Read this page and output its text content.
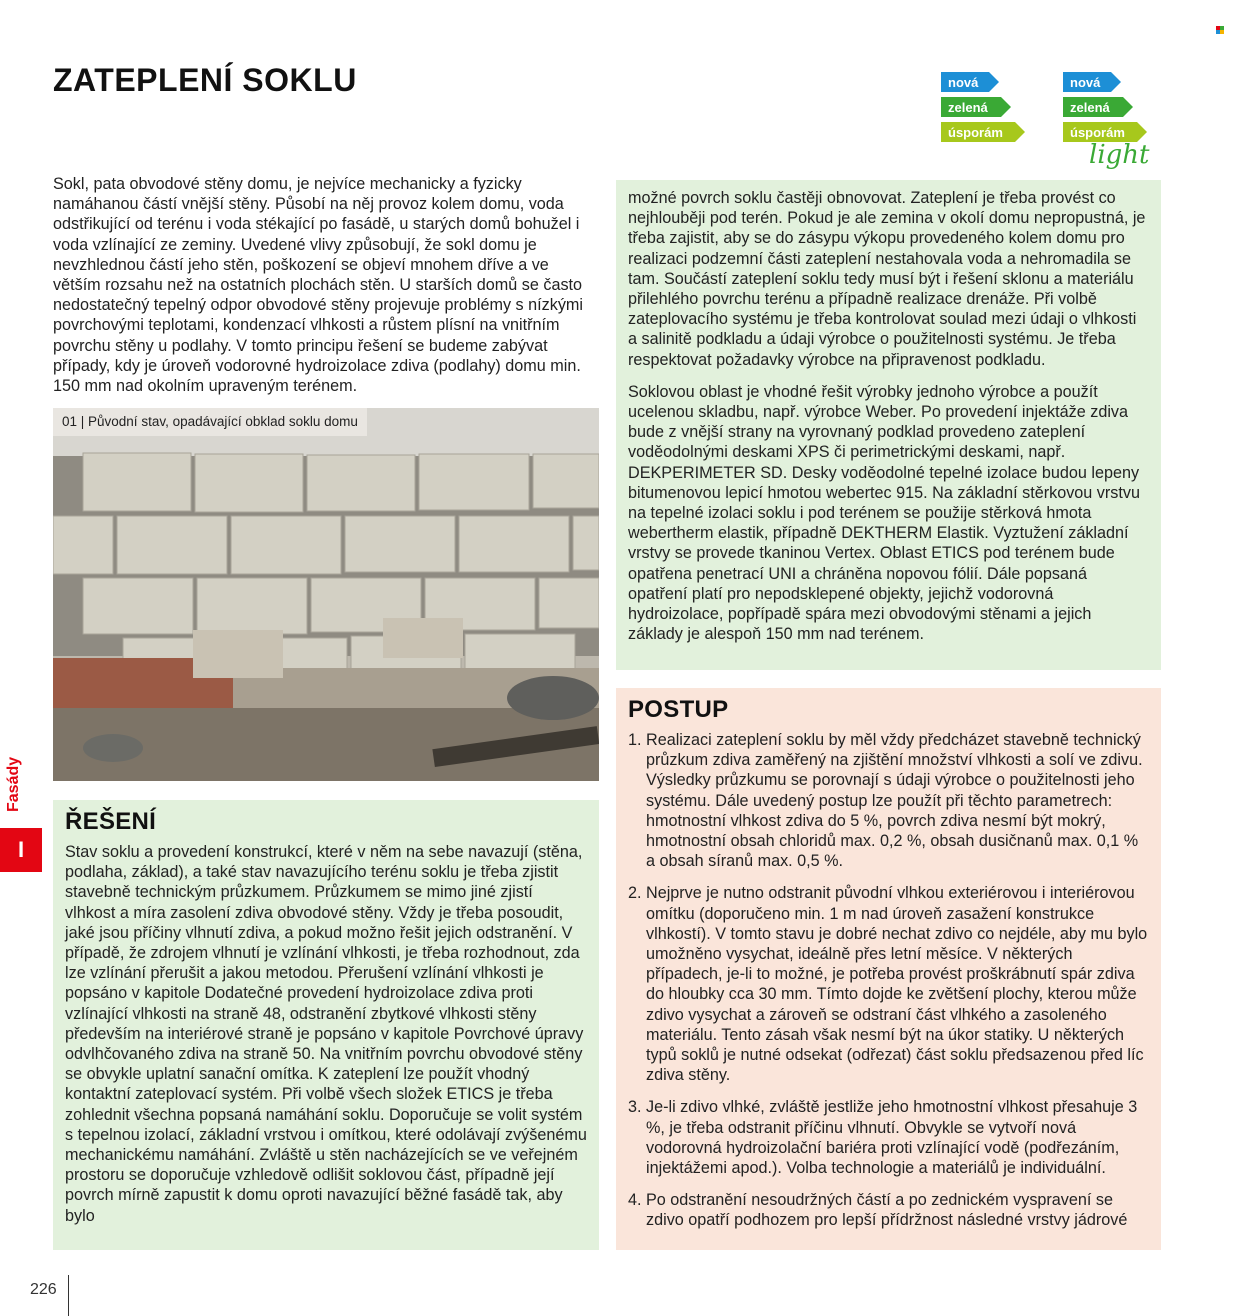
ZATEPLENÍ SOKLU	nová
zelená
úsporám
nová
zelená
úsporám
light

Sokl, pata obvodové stěny domu, je nejvíce mechanicky a fyzicky namáhanou částí vnější stěny. Působí na něj provoz kolem domu, voda odstřikující od terénu i voda stékající po fasádě, u starých domů bohužel i voda vzlínající ze zeminy. Uvedené vlivy způsobují, že sokl domu je nevzhlednou částí jeho stěn, poškození se objeví mnohem dříve a ve větším rozsahu než na ostatních plochách stěn. U starších domů se často nedostatečný tepelný odpor obvodové stěny projevuje problémy s nízkými povrchovými teplotami, kondenzací vlhkosti a růstem plísní na vnitřním povrchu stěny u podlahy. V tomto principu řešení se budeme zabývat případy, kdy je úroveň vodorovné hydroizolace zdiva (podlahy) domu min. 150 mm nad okolním upraveným terénem.

01 | Původní stav, opadávající obklad soklu domu
ŘEŠENÍ

Stav soklu a provedení konstrukcí, které v něm na sebe navazují (stěna, podlaha, základ), a také stav navazujícího terénu soklu je třeba zjistit stavebně technickým průzkumem. Průzkumem se mimo jiné zjistí vlhkost a míra zasolení zdiva obvodové stěny. Vždy je třeba posoudit, jaké jsou příčiny vlhnutí zdiva, a pokud možno řešit jejich odstranění. V případě, že zdrojem vlhnutí je vzlínání vlhkosti, je třeba rozhodnout, zda lze vzlínání přerušit a jakou metodou. Přerušení vzlínání vlhkosti je popsáno v kapitole Dodatečné provedení hydroizolace zdiva proti vzlínající vlhkosti na straně 48, odstranění zbytkové vlhkosti stěny především na interiérové straně je popsáno v kapitole Povrchové úpravy odvlhčovaného zdiva na straně 50. Na vnitřním povrchu obvodové stěny se obvykle uplatní sanační omítka. K zateplení lze použít vhodný kontaktní zateplovací systém. Při volbě všech složek ETICS je třeba zohlednit všechna popsaná namáhání soklu. Doporučuje se volit systém s tepelnou izolací, základní vrstvou i omítkou, které odolávají zvýšenému mechanickému namáhání. Zvláště u stěn nacházejících se ve veřejném prostoru se doporučuje vzhledově odlišit soklovou část, případně její povrch mírně zapustit k domu oproti navazující běžné fasádě tak, aby bylo

možné povrch soklu častěji obnovovat. Zateplení je třeba provést co nejhlouběji pod terén. Pokud je ale zemina v okolí domu nepropustná, je třeba zajistit, aby se do zásypu výkopu provedeného kolem domu pro realizaci podzemní části zateplení nestahovala voda a nehromadila se tam. Součástí zateplení soklu tedy musí být i řešení sklonu a materiálu přilehlého povrchu terénu a případně realizace drenáže. Při volbě zateplovacího systému je třeba kontrolovat soulad mezi údaji o vlhkosti a salinitě podkladu a údaji výrobce o použitelnosti systému. Je třeba respektovat požadavky výrobce na připravenost podkladu.

Soklovou oblast je vhodné řešit výrobky jednoho výrobce a použít ucelenou skladbu, např. výrobce Weber. Po provedení injektáže zdiva bude z vnější strany na vyrovnaný podklad provedeno zateplení voděodolnými deskami XPS či perimetrickými deskami, např. DEKPERIMETER SD. Desky voděodolné tepelné izolace budou lepeny bitumenovou lepicí hmotou webertec 915. Na základní stěrkovou vrstvu na tepelné izolaci soklu i pod terénem se použije stěrková hmota webertherm elastik, případně DEKTHERM Elastik. Vyztužení základní vrstvy se provede tkaninou Vertex. Oblast ETICS pod terénem bude opatřena penetrací UNI a chráněna nopovou fólií. Dále popsaná opatření platí pro nepodsklepené objekty, jejichž vodorovná hydroizolace, popřípadě spára mezi obvodovými stěnami a jejich základy je alespoň 150 mm nad terénem.

POSTUP
1. Realizaci zateplení soklu by měl vždy předcházet stavebně technický průzkum zdiva zaměřený na zjištění množství vlhkosti a solí ve zdivu. Výsledky průzkumu se porovnají s údaji výrobce o použitelnosti jeho systému. Dále uvedený postup lze použít při těchto parametrech: hmotnostní vlhkost zdiva do 5 %, povrch zdiva nesmí být mokrý, hmotnostní obsah chloridů max. 0,2 %, obsah dusičnanů max. 0,1 % a obsah síranů max. 0,5 %.
2. Nejprve je nutno odstranit původní vlhkou exteriérovou i interiérovou omítku (doporučeno min. 1 m nad úroveň zasažení konstrukce vlhkostí). V tomto stavu je dobré nechat zdivo co nejdéle, aby mu bylo umožněno vysychat, ideálně přes letní měsíce. V některých případech, je-li to možné, je potřeba provést proškrábnutí spár zdiva do hloubky cca 30 mm. Tímto dojde ke zvětšení plochy, kterou může zdivo vysychat a zároveň se odstraní část vlhkého a zasoleného materiálu. Tento zásah však nesmí být na úkor statiky. U některých typů soklů je nutné odsekat (odřezat) část soklu předsazenou před líc zdiva stěny.
3. Je-li zdivo vlhké, zvláště jestliže jeho hmotnostní vlhkost přesahuje 3 %, je třeba odstranit příčinu vlhnutí. Obvykle se vytvoří nová vodorovná hydroizolační bariéra proti vzlínající vodě (podřezáním, injektážemi apod.). Volba technologie a materiálů je individuální.
4. Po odstranění nesoudržných částí a po zednickém vyspravení se zdivo opatří podhozem pro lepší přídržnost následné vrstvy jádrové
Fasády
I
226
